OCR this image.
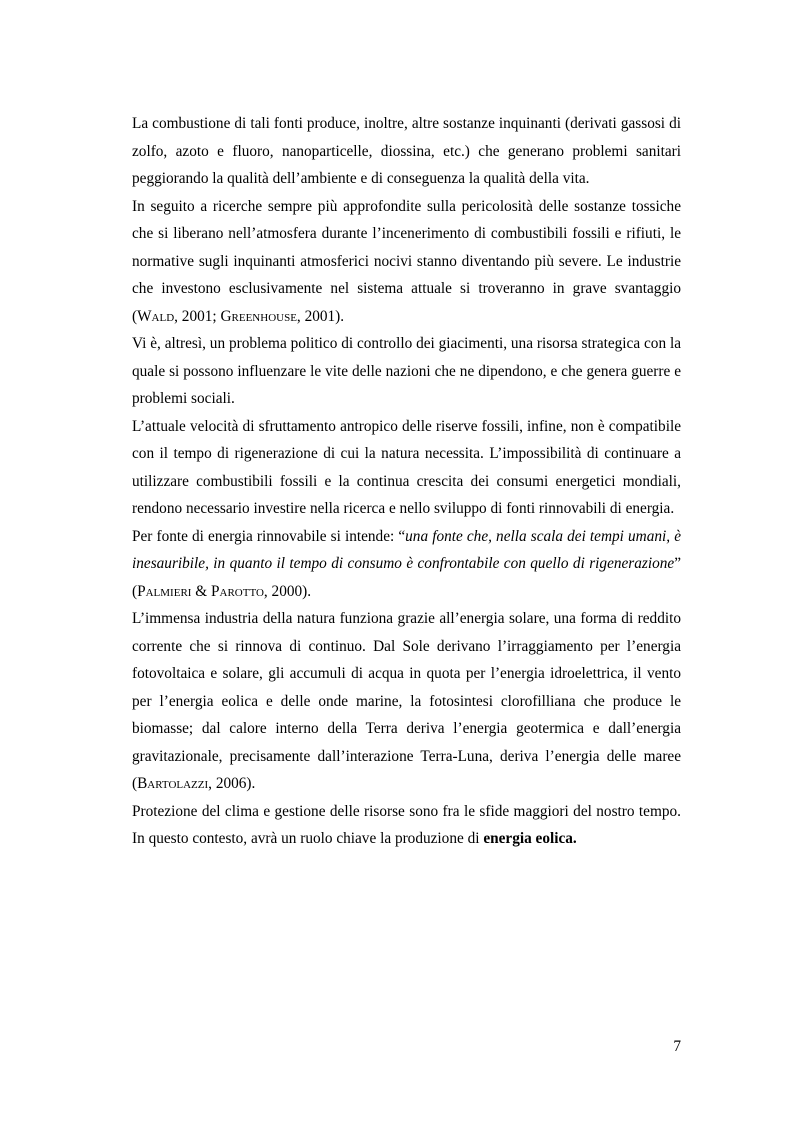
La combustione di tali fonti produce, inoltre, altre sostanze inquinanti (derivati gassosi di zolfo, azoto e fluoro, nanoparticelle, diossina, etc.) che generano problemi sanitari peggiorando la qualità dell’ambiente e di conseguenza la qualità della vita.

In seguito a ricerche sempre più approfondite sulla pericolosità delle sostanze tossiche che si liberano nell’atmosfera durante l’incenerimento di combustibili fossili e rifiuti, le normative sugli inquinanti atmosferici nocivi stanno diventando più severe. Le industrie che investono esclusivamente nel sistema attuale si troveranno in grave svantaggio (Wald, 2001; Greenhouse, 2001).

Vi è, altresì, un problema politico di controllo dei giacimenti, una risorsa strategica con la quale si possono influenzare le vite delle nazioni che ne dipendono, e che genera guerre e problemi sociali.

L’attuale velocità di sfruttamento antropico delle riserve fossili, infine, non è compatibile con il tempo di rigenerazione di cui la natura necessita. L’impossibilità di continuare a utilizzare combustibili fossili e la continua crescita dei consumi energetici mondiali, rendono necessario investire nella ricerca e nello sviluppo di fonti rinnovabili di energia.

Per fonte di energia rinnovabile si intende: “una fonte che, nella scala dei tempi umani, è inesauribile, in quanto il tempo di consumo è confrontabile con quello di rigenerazione” (Palmieri & Parotto, 2000).

L’immensa industria della natura funziona grazie all’energia solare, una forma di reddito corrente che si rinnova di continuo. Dal Sole derivano l’irraggiamento per l’energia fotovoltaica e solare, gli accumuli di acqua in quota per l’energia idroelettrica, il vento per l’energia eolica e delle onde marine, la fotosintesi clorofilliana che produce le biomasse; dal calore interno della Terra deriva l’energia geotermica e dall’energia gravitazionale, precisamente dall’interazione Terra-Luna, deriva l’energia delle maree (Bartolazzi, 2006).

Protezione del clima e gestione delle risorse sono fra le sfide maggiori del nostro tempo. In questo contesto, avrà un ruolo chiave la produzione di energia eolica.

7
